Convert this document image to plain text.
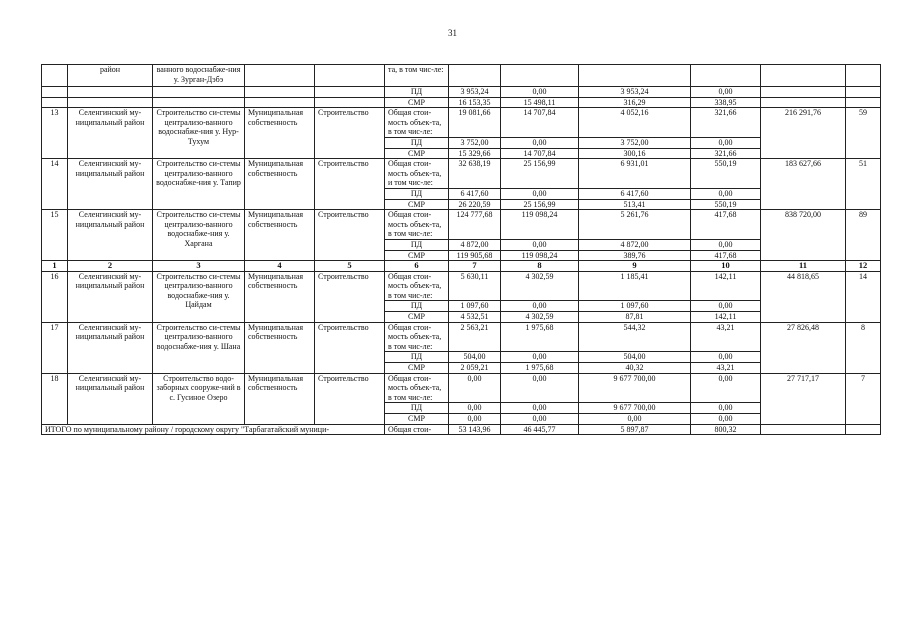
31
	район	ванного водоснабже-ния у. Зурган-Дэбэ			та, в том чис-ле:						
					ПД	3 953,24	0,00	3 953,24	0,00		
					СМР	16 153,35	15 498,11	316,29	338,95		
13	Селенгинский му-ниципальный район	Строительство си-стемы централизо-ванного водоснабже-ния у. Нур-Тухум	Муниципальная собственность	Строительство	Общая стои-мость объек-та, в том чис-ле:	19 081,66	14 707,84	4 052,16	321,66	216 291,76	59
					ПД	3 752,00	0,00	3 752,00	0,00		
					СМР	15 329,66	14 707,84	300,16	321,66		
14	Селенгинский му-ниципальный район	Строительство си-стемы централизо-ванного водоснабже-ния у. Тапир	Муниципальная собственность	Строительство	Общая стои-мость объек-та, и том чис-ле:	32 638,19	25 156,99	6 931,01	550,19	183 627,66	51
					ПД	6 417,60	0,00	6 417,60	0,00		
					СМР	26 220,59	25 156,99	513,41	550,19		
15	Селенгинский му-ниципальный район	Строительство си-стемы централизо-ванного водоснабже-ния у. Харгана	Муниципальная собственность	Строительство	Общая стои-мость объек-та, в том чис-ле:	124 777,68	119 098,24	5 261,76	417,68	838 720,00	89
					ПД	4 872,00	0,00	4 872,00	0,00		
					СМР	119 905,68	119 098,24	389,76	417,68		
1	2	3	4	5	6	7	8	9	10	11	12
16	Селенгинский му-ниципальный район	Строительство си-стемы централизо-ванного водоснабже-ния у. Цайдам	Муниципальная собственность	Строительство	Общая стои-мость объек-та, в том чис-ле:	5 630,11	4 302,59	1 185,41	142,11	44 818,65	14
					ПД	1 097,60	0,00	1 097,60	0,00		
					СМР	4 532,51	4 302,59	87,81	142,11		
17	Селенгинский му-ниципальный район	Строительство си-стемы централизо-ванного водоснабже-ния у. Шана	Муниципальная собственность	Строительство	Общая стои-мость объек-та, в том чис-ле:	2 563,21	1 975,68	544,32	43,21	27 826,48	8
					ПД	504,00	0,00	504,00	0,00		
					СМР	2 059,21	1 975,68	40,32	43,21		
18	Селенгинский му-ниципальный район	Строительство водо-заборных сооруже-ний в с. Гусиное Озеро	Муниципальная собственность	Строительство	Общая стои-мость объек-та, в том чис-ле:	0,00	0,00	9 677 700,00	0,00	27 717,17	7
					ПД	0,00	0,00	9 677 700,00	0,00		
					СМР	0,00	0,00	0,00	0,00		
ИТОГО по муниципальному району / городскому округу "Тарбагатайский муници-					Общая стои-	53 143,96	46 445,77	5 897,87	800,32		
